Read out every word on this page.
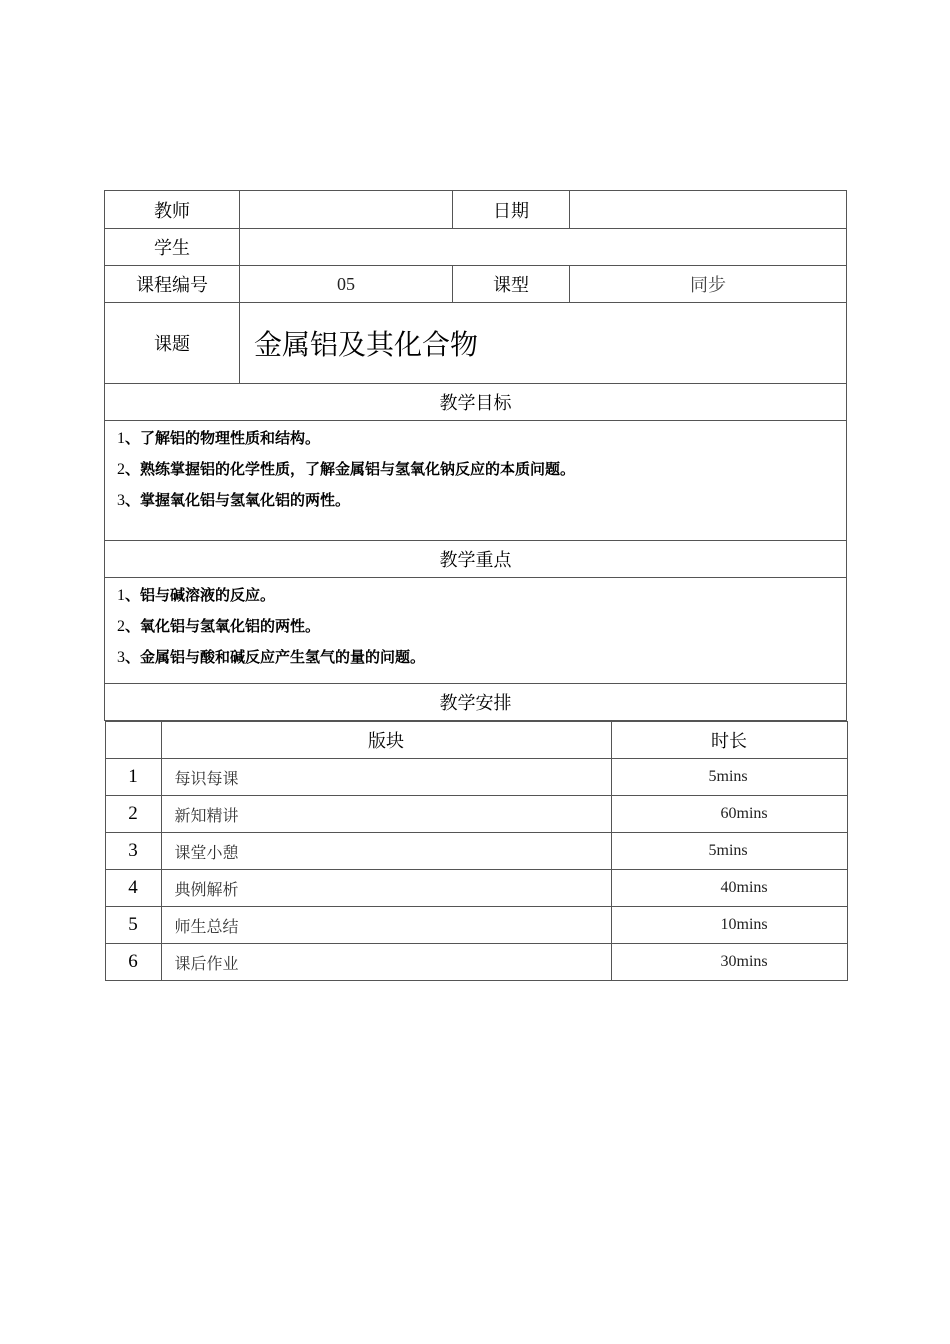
教师		日期	
学生	
课程编号	05	课型	同步
课题	金属铝及其化合物
教学目标

1、了解铝的物理性质和结构。
2、熟练掌握铝的化学性质，了解金属铝与氢氧化钠反应的本质问题。
3、掌握氧化铝与氢氧化铝的两性。

教学重点

1、铝与碱溶液的反应。
2、氧化铝与氢氧化铝的两性。
3、金属铝与酸和碱反应产生氢气的量的问题。

教学安排

	版块	时长
1	每识每课	5mins
2	新知精讲	60mins
3	课堂小憩	5mins
4	典例解析	40mins
5	师生总结	10mins
6	课后作业	30mins
